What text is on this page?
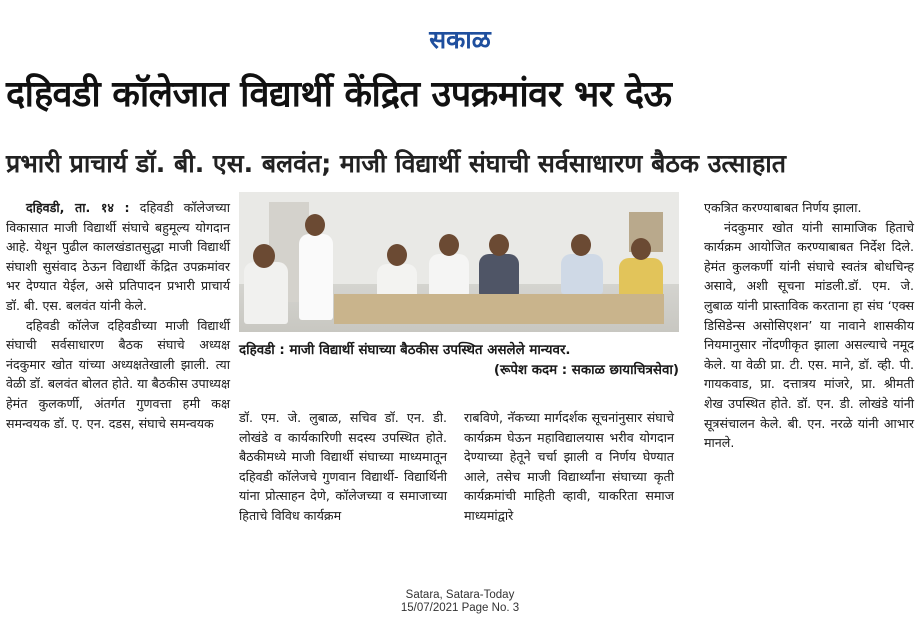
सकाळ
दहिवडी कॉलेजात विद्यार्थी केंद्रित उपक्रमांवर भर देऊ
प्रभारी प्राचार्य डॉ. बी. एस. बलवंत; माजी विद्यार्थी संघाची सर्वसाधारण बैठक उत्साहात

दहिवडी, ता. १४ : दहिवडी कॉलेजच्या विकासात माजी विद्यार्थी संघाचे बहुमूल्य योगदान आहे. येथून पुढील कालखंडातसुद्धा माजी विद्यार्थी संघाशी सुसंवाद ठेऊन विद्यार्थी केंद्रित उपक्रमांवर भर देण्यात येईल, असे प्रतिपादन प्रभारी प्राचार्य डॉ. बी. एस. बलवंत यांनी केले.

दहिवडी कॉलेज दहिवडीच्या माजी विद्यार्थी संघाची सर्वसाधारण बैठक संघाचे अध्यक्ष नंदकुमार खोत यांच्या अध्यक्षतेखाली झाली. त्या वेळी डॉ. बलवंत बोलत होते. या बैठकीस उपाध्यक्ष हेमंत कुलकर्णी, अंतर्गत गुणवत्ता हमी कक्ष समन्वयक डॉ. ए. एन. दडस, संघाचे समन्वयक

दहिवडी : माजी विद्यार्थी संघाच्या बैठकीस उपस्थित असलेले मान्यवर.
(रूपेश कदम : सकाळ छायाचित्रसेवा)

डॉ. एम. जे. लुबाळ, सचिव डॉ. एन. डी. लोखंडे व कार्यकारिणी सदस्य उपस्थित होते. बैठकीमध्ये माजी विद्यार्थी संघाच्या माध्यमातून दहिवडी कॉलेजचे गुणवान विद्यार्थी- विद्यार्थिनी यांना प्रोत्साहन देणे, कॉलेजच्या व समाजाच्या हिताचे विविध कार्यक्रम

राबविणे, नॅकच्या मार्गदर्शक सूचनांनुसार संघाचे कार्यक्रम घेऊन महाविद्यालयास भरीव योगदान देण्याच्या हेतूने चर्चा झाली व निर्णय घेण्यात आले, तसेच माजी विद्यार्थ्यांना संघाच्या कृती कार्यक्रमांची माहिती व्हावी, याकरिता समाज माध्यमांद्वारे

एकत्रित करण्याबाबत निर्णय झाला.

नंदकुमार खोत यांनी सामाजिक हिताचे कार्यक्रम आयोजित करण्याबाबत निर्देश दिले. हेमंत कुलकर्णी यांनी संघाचे स्वतंत्र बोधचिन्ह असावे, अशी सूचना मांडली.डॉ. एम. जे. लुबाळ यांनी प्रास्ताविक करताना हा संघ ‘एक्स डिसिडेन्स असोसिएशन’ या नावाने शासकीय नियमानुसार नोंदणीकृत झाला असल्याचे नमूद केले. या वेळी प्रा. टी. एस. माने, डॉ. व्ही. पी. गायकवाड, प्रा. दत्तात्रय मांजरे, प्रा. श्रीमती शेख उपस्थित होते. डॉ. एन. डी. लोखंडे यांनी सूत्रसंचालन केले. बी. एन. नरळे यांनी आभार मानले.

Satara, Satara-Today
15/07/2021 Page No. 3
